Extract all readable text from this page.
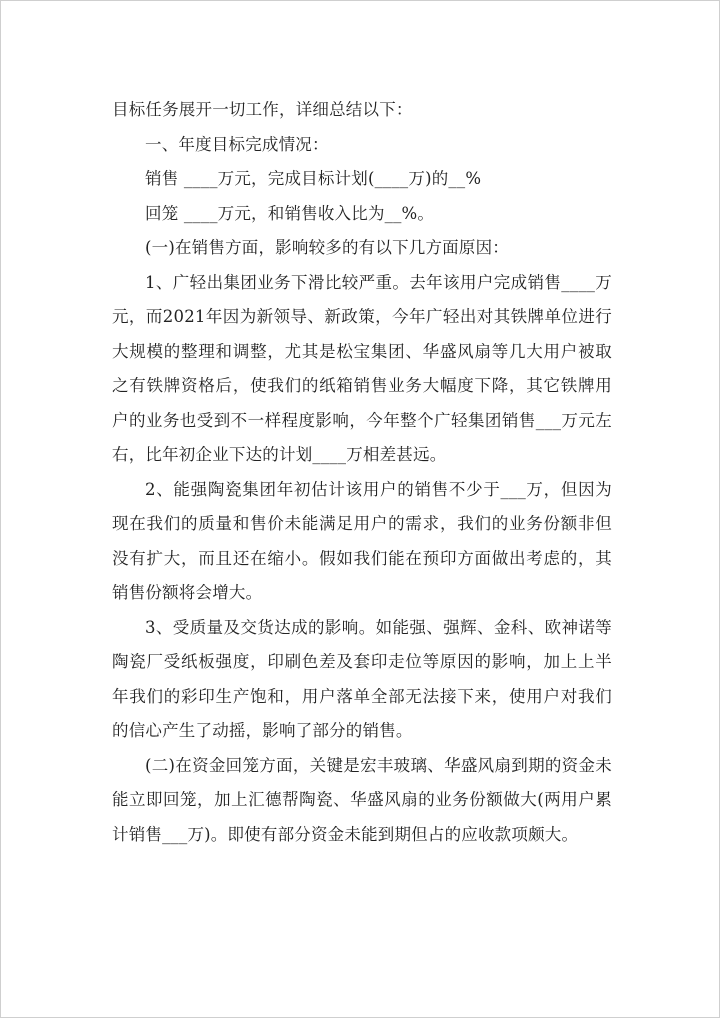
目标任务展开一切工作，详细总结以下：

一、年度目标完成情况：

销售 ____万元，完成目标计划(____万)的__%

回笼 ____万元，和销售收入比为__%。

(一)在销售方面，影响较多的有以下几方面原因：

1、广轻出集团业务下滑比较严重。去年该用户完成销售____万元，而2021年因为新领导、新政策，今年广轻出对其铁牌单位进行大规模的整理和调整，尤其是松宝集团、华盛风扇等几大用户被取之有铁牌资格后，使我们的纸箱销售业务大幅度下降，其它铁牌用户的业务也受到不一样程度影响，今年整个广轻集团销售___万元左右，比年初企业下达的计划____万相差甚远。

2、能强陶瓷集团年初估计该用户的销售不少于___万，但因为现在我们的质量和售价未能满足用户的需求，我们的业务份额非但没有扩大，而且还在缩小。假如我们能在预印方面做出考虑的，其销售份额将会增大。

3、受质量及交货达成的影响。如能强、强辉、金科、欧神诺等陶瓷厂受纸板强度，印刷色差及套印走位等原因的影响，加上上半年我们的彩印生产饱和，用户落单全部无法接下来，使用户对我们的信心产生了动摇，影响了部分的销售。

(二)在资金回笼方面，关键是宏丰玻璃、华盛风扇到期的资金未能立即回笼，加上汇德帮陶瓷、华盛风扇的业务份额做大(两用户累计销售___万)。即使有部分资金未能到期但占的应收款项颇大。
